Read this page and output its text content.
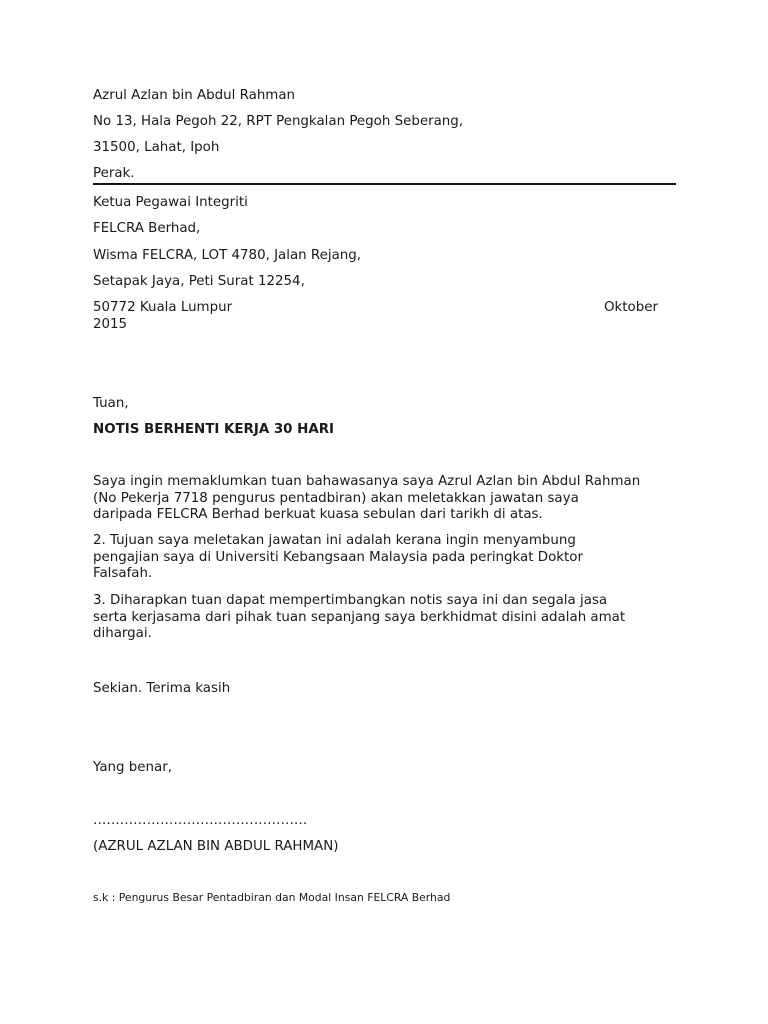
Azrul Azlan bin Abdul Rahman
No 13, Hala Pegoh 22, RPT Pengkalan Pegoh Seberang,
31500, Lahat, Ipoh
Perak.
Ketua Pegawai Integriti
FELCRA Berhad,
Wisma FELCRA, LOT 4780, Jalan Rejang,
Setapak Jaya, Peti Surat 12254,
50772 Kuala Lumpur	Oktober
2015
Tuan,
NOTIS BERHENTI KERJA 30 HARI
Saya ingin memaklumkan tuan bahawasanya saya Azrul Azlan bin Abdul Rahman
(No Pekerja 7718 pengurus pentadbiran) akan meletakkan jawatan saya
daripada FELCRA Berhad berkuat kuasa sebulan dari tarikh di atas.
2. Tujuan saya meletakan jawatan ini adalah kerana ingin menyambung
pengajian saya di Universiti Kebangsaan Malaysia pada peringkat Doktor
Falsafah.
3. Diharapkan tuan dapat mempertimbangkan notis saya ini dan segala jasa
serta kerjasama dari pihak tuan sepanjang saya berkhidmat disini adalah amat
dihargai.
Sekian. Terima kasih
Yang benar,
…………………………………………
(AZRUL AZLAN BIN ABDUL RAHMAN)
s.k : Pengurus Besar Pentadbiran dan Modal Insan FELCRA Berhad
